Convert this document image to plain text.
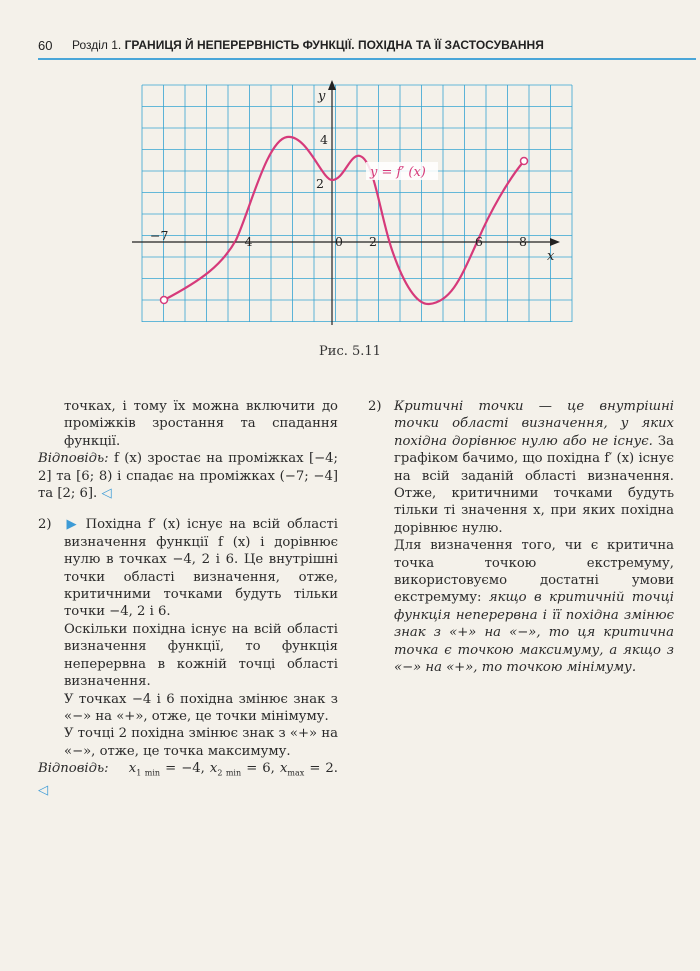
60 Розділ 1. ГРАНИЦЯ Й НЕПЕРЕРВНІСТЬ ФУНКЦІЇ. ПОХІДНА ТА ЇЇ ЗАСТОСУВАННЯ
y = f′ (x)
x
y
−7	−4	0 2	6	8
4
2
Рис. 5.11

точках, і тому їх можна включити до проміжків зростання та спадання функції.

Відповідь: f (x) зростає на проміжках [−4; 2] та [6; 8) і спадає на проміжках (−7; −4] та [2; 6]. ◁

2) ▶ Похідна f′ (x) існує на всій області визначення функції f (x) і дорівнює нулю в точках −4, 2 і 6. Це внутрішні точки області визначення, отже, критичними точками будуть тільки точки −4, 2 і 6.

Оскільки похідна існує на всій області визначення функції, то функція неперервна в кожній точці області визначення.

У точках −4 і 6 похідна змінює знак з «−» на «+», отже, це точки мінімуму.

У точці 2 похідна змінює знак з «+» на «−», отже, це точка максимуму.

Відповідь: $x_{1 min} = -4$, $x_{2 min} = 6$, $x_{max} = 2$. ◁

2) Критичні точки — це внутрішні точки області визначення, у яких похідна дорівнює нулю або не існує. За графіком бачимо, що похідна f′ (x) існує на всій заданій області визначення. Отже, критичними точками будуть тільки ті значення x, при яких похідна дорівнює нулю.

Для визначення того, чи є критична точка точкою екстремуму, використовуємо достатні умови екстремуму: якщо в критичній точці функція неперервна і її похідна змінює знак з «+» на «−», то ця критична точка є точкою максимуму, а якщо з «−» на «+», то точкою мінімуму.
